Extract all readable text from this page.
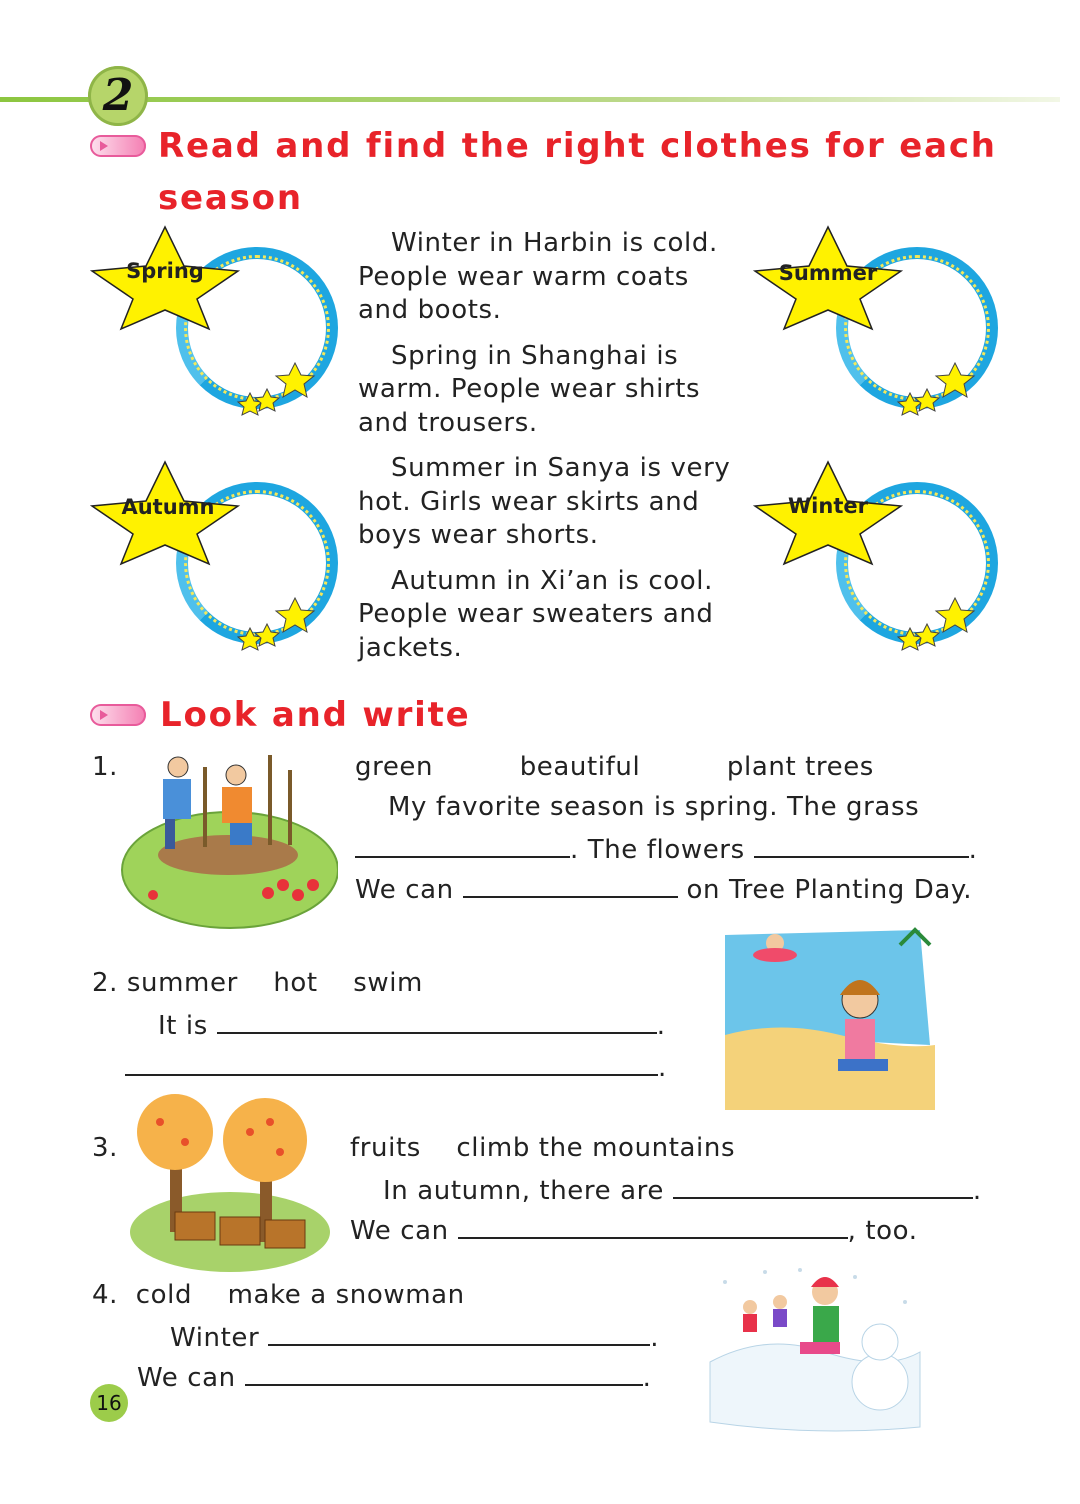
2
Read and find the right clothes for each
season
Spring	Summer
Autumn	Winter

Winter in Harbin is cold. People wear warm coats and boots.

Spring in Shanghai is warm. People wear shirts and trousers.

Summer in Sanya is very hot. Girls wear skirts and boys wear shorts.

Autumn in Xi’an is cool. People wear sweaters and jackets.

Look and write
1.	green	beautiful	plant trees
My favorite season is spring. The grass
. The flowers	.
We can	on Tree Planting Day.
2. summer hot swim
It is	.
.
3.	fruits climb the mountains
In autumn, there are	.
We can	, too.
4. cold make a snowman
Winter	.
We can	.
16
